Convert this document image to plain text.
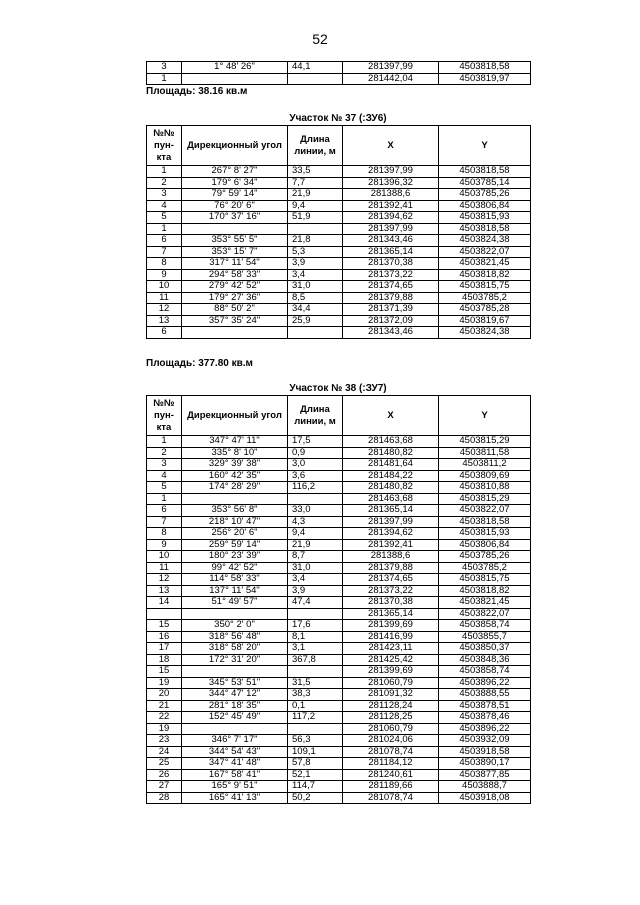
52
3	1° 48' 26"	44,1	281397,99	4503818,58
1			281442,04	4503819,97
Площадь: 38.16 кв.м
Участок № 37 (:ЗУ6)
№№ пун-кта	Дирекционный угол	Длина линии, м	X	Y
1	267° 8' 27"	33,5	281397,99	4503818,58
2	179° 6' 34"	7,7	281396,32	4503785,14
3	79° 59' 14"	21,9	281388,6	4503785,26
4	76° 20' 6"	9,4	281392,41	4503806,84
5	170° 37' 16"	51,9	281394,62	4503815,93
1			281397,99	4503818,58
6	353° 55' 5"	21,8	281343,46	4503824,38
7	353° 15' 7"	5,3	281365,14	4503822,07
8	317° 11' 54"	3,9	281370,38	4503821,45
9	294° 58' 33"	3,4	281373,22	4503818,82
10	279° 42' 52"	31,0	281374,65	4503815,75
11	179° 27' 36"	8,5	281379,88	4503785,2
12	88° 50' 2"	34,4	281371,39	4503785,28
13	357° 35' 24"	25,9	281372,09	4503819,67
6			281343,46	4503824,38
Площадь: 377.80 кв.м
Участок № 38 (:ЗУ7)
№№ пун-кта	Дирекционный угол	Длина линии, м	X	Y
1	347° 47' 11"	17,5	281463,68	4503815,29
2	335° 8' 10"	0,9	281480,82	4503811,58
3	329° 39' 38"	3,0	281481,64	4503811,2
4	160° 42' 35"	3,6	281484,22	4503809,69
5	174° 28' 29"	116,2	281480,82	4503810,88
1			281463,68	4503815,29
6	353° 56' 8"	33,0	281365,14	4503822,07
7	218° 10' 47"	4,3	281397,99	4503818,58
8	256° 20' 6"	9,4	281394,62	4503815,93
9	259° 59' 14"	21,9	281392,41	4503806,84
10	180° 23' 39"	8,7	281388,6	4503785,26
11	99° 42' 52"	31,0	281379,88	4503785,2
12	114° 58' 33"	3,4	281374,65	4503815,75
13	137° 11' 54"	3,9	281373,22	4503818,82
14	51° 49' 57"	47,4	281370,38	4503821,45
			281365,14	4503822,07
15	350° 2' 0"	17,6	281399,69	4503858,74
16	318° 56' 48"	8,1	281416,99	4503855,7
17	318° 58' 20"	3,1	281423,11	4503850,37
18	172° 31' 20"	367,8	281425,42	4503848,36
15			281399,69	4503858,74
19	345° 53' 51"	31,5	281060,79	4503896,22
20	344° 47' 12"	38,3	281091,32	4503888,55
21	281° 18' 35"	0,1	281128,24	4503878,51
22	152° 45' 49"	117,2	281128,25	4503878,46
19			281060,79	4503896,22
23	346° 7' 17"	56,3	281024,06	4503932,09
24	344° 54' 43"	109,1	281078,74	4503918,58
25	347° 41' 48"	57,8	281184,12	4503890,17
26	167° 58' 41"	52,1	281240,61	4503877,85
27	165° 9' 51"	114,7	281189,66	4503888,7
28	165° 41' 13"	50,2	281078,74	4503918,08
